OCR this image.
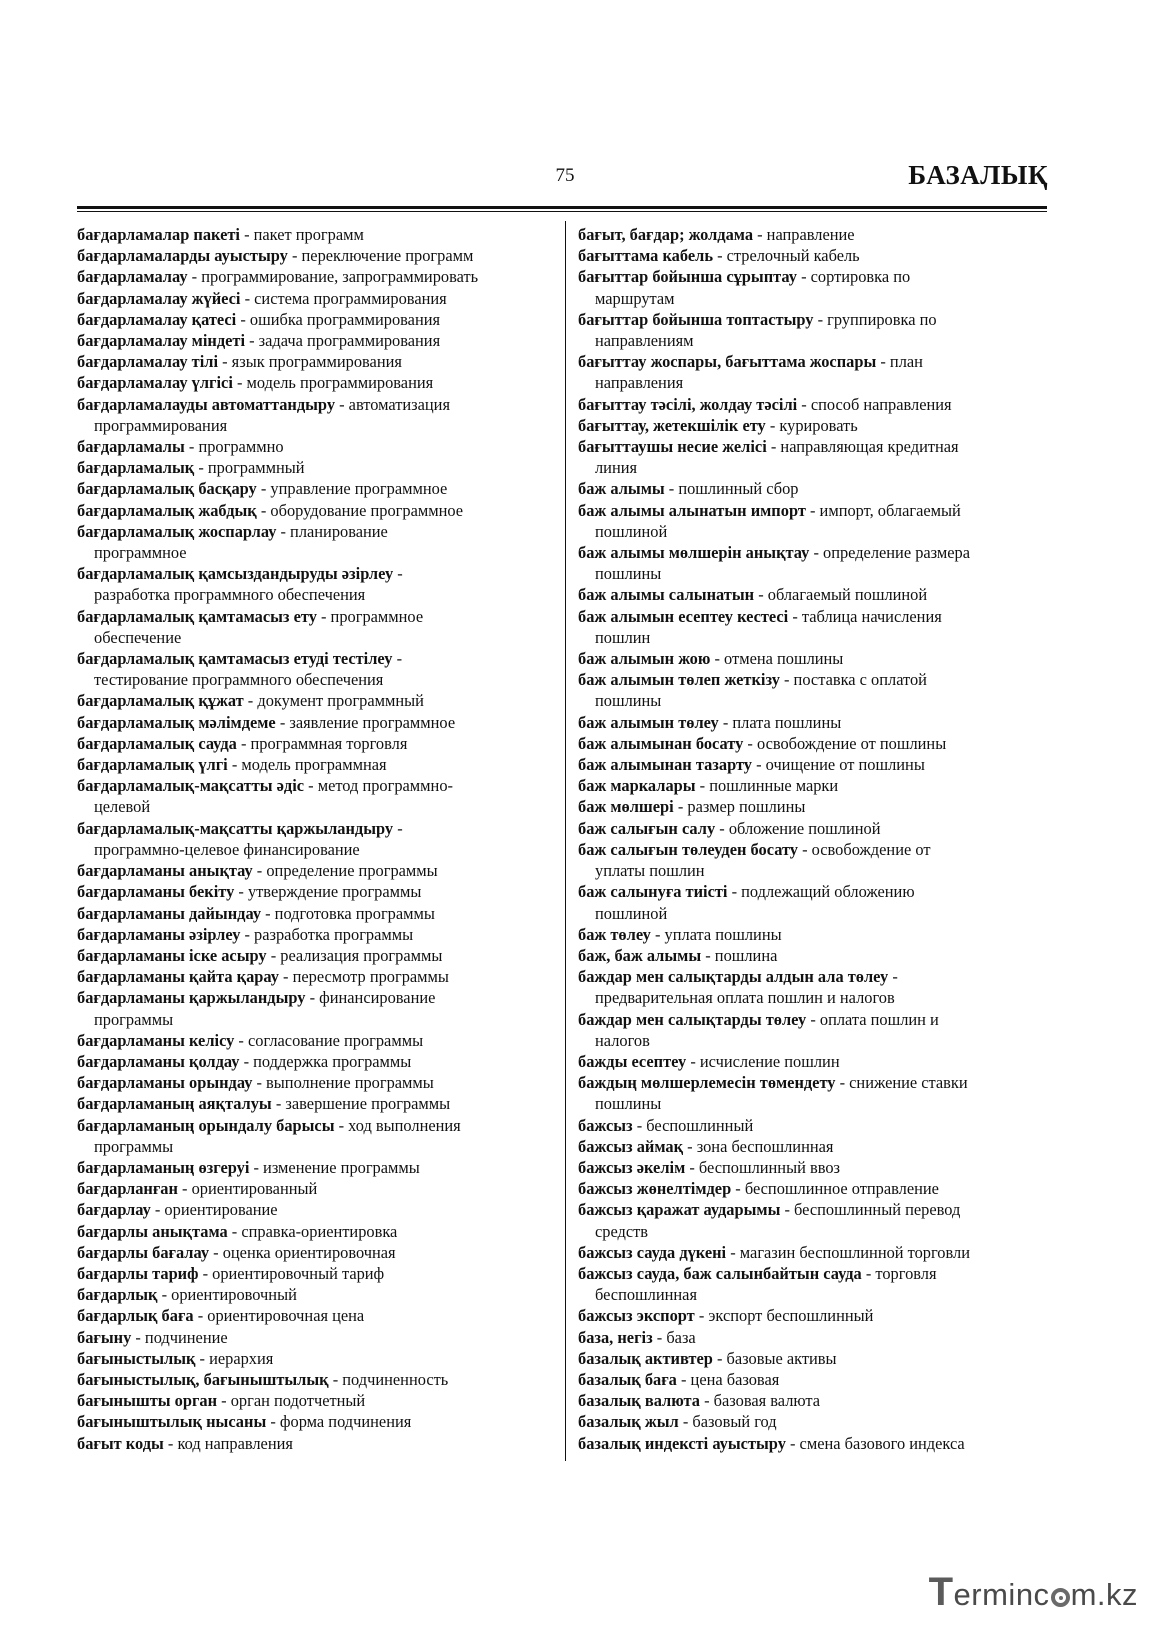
75	БАЗАЛЫҚ
бағдарламалар пакеті - пакет программ
бағдарламаларды ауыстыру - переключение программ
бағдарламалау - программирование, запрограммировать
бағдарламалау жүйесі - система программирования
бағдарламалау қатесі - ошибка программирования
бағдарламалау міндеті - задача программирования
бағдарламалау тілі - язык программирования
бағдарламалау үлгісі - модель программирования
бағдарламалауды автоматтандыру - автоматизация
программирования
бағдарламалы - программно
бағдарламалық - программный
бағдарламалық басқару - управление программное
бағдарламалық жабдық - оборудование программное
бағдарламалық жоспарлау - планирование
программное
бағдарламалық қамсыздандыруды әзірлеу -
разработка программного обеспечения
бағдарламалық қамтамасыз ету - программное
обеспечение
бағдарламалық қамтамасыз етуді тестілеу -
тестирование программного обеспечения
бағдарламалық құжат - документ программный
бағдарламалық мәлімдеме - заявление программное
бағдарламалық сауда - программная торговля
бағдарламалық үлгі - модель программная
бағдарламалық-мақсатты әдіс - метод программно-
целевой
бағдарламалық-мақсатты қаржыландыру -
программно-целевое финансирование
бағдарламаны анықтау - определение программы
бағдарламаны бекіту - утверждение программы
бағдарламаны дайындау - подготовка программы
бағдарламаны әзірлеу - разработка программы
бағдарламаны іске асыру - реализация программы
бағдарламаны қайта қарау - пересмотр программы
бағдарламаны қаржыландыру - финансирование
программы
бағдарламаны келісу - согласование программы
бағдарламаны қолдау - поддержка программы
бағдарламаны орындау - выполнение программы
бағдарламаның аяқталуы - завершение программы
бағдарламаның орындалу барысы - ход выполнения
программы
бағдарламаның өзгеруі - изменение программы
бағдарланған - ориентированный
бағдарлау - ориентирование
бағдарлы анықтама - справка-ориентировка
бағдарлы бағалау - оценка ориентировочная
бағдарлы тариф - ориентировочный тариф
бағдарлық - ориентировочный
бағдарлық баға - ориентировочная цена
бағыну - подчинение
бағыныстылық - иерархия
бағыныстылық, бағыныштылық - подчиненность
бағынышты орган - орган подотчетный
бағыныштылық нысаны - форма подчинения
бағыт коды - код направления
бағыт, бағдар; жолдама - направление
бағыттама кабель - стрелочный кабель
бағыттар бойынша сұрыптау - сортировка по
маршрутам
бағыттар бойынша топтастыру - группировка по
направлениям
бағыттау жоспары, бағыттама жоспары - план
направления
бағыттау тәсілі, жолдау тәсілі - способ направления
бағыттау, жетекшілік ету - курировать
бағыттаушы несие желісі - направляющая кредитная
линия
баж алымы - пошлинный сбор
баж алымы алынатын импорт - импорт, облагаемый
пошлиной
баж алымы мөлшерін анықтау - определение размера
пошлины
баж алымы салынатын - облагаемый пошлиной
баж алымын есептеу кестесі - таблица начисления
пошлин
баж алымын жою - отмена пошлины
баж алымын төлеп жеткізу - поставка с оплатой
пошлины
баж алымын төлеу - плата пошлины
баж алымынан босату - освобождение от пошлины
баж алымынан тазарту - очищение от пошлины
баж маркалары - пошлинные марки
баж мөлшері - размер пошлины
баж салығын салу - обложение пошлиной
баж салығын төлеуден босату - освобождение от
уплаты пошлин
баж салынуға тиісті - подлежащий обложению
пошлиной
баж төлеу - уплата пошлины
баж, баж алымы - пошлина
баждар мен салықтарды алдын ала төлеу -
предварительная оплата пошлин и налогов
баждар мен салықтарды төлеу - оплата пошлин и
налогов
бажды есептеу - исчисление пошлин
баждың мөлшерлемесін төмендету - снижение ставки
пошлины
бажсыз - беспошлинный
бажсыз аймақ - зона беспошлинная
бажсыз әкелім - беспошлинный ввоз
бажсыз жөнелтімдер - беспошлинное отправление
бажсыз қаражат аударымы - беспошлинный перевод
средств
бажсыз сауда дүкені - магазин беспошлинной торговли
бажсыз сауда, баж салынбайтын сауда - торговля
беспошлинная
бажсыз экспорт - экспорт беспошлинный
база, негіз - база
базалық активтер - базовые активы
базалық баға - цена базовая
базалық валюта - базовая валюта
базалық жыл - базовый год
базалық индексті ауыстыру - смена базового индекса
Terminc m.kz
